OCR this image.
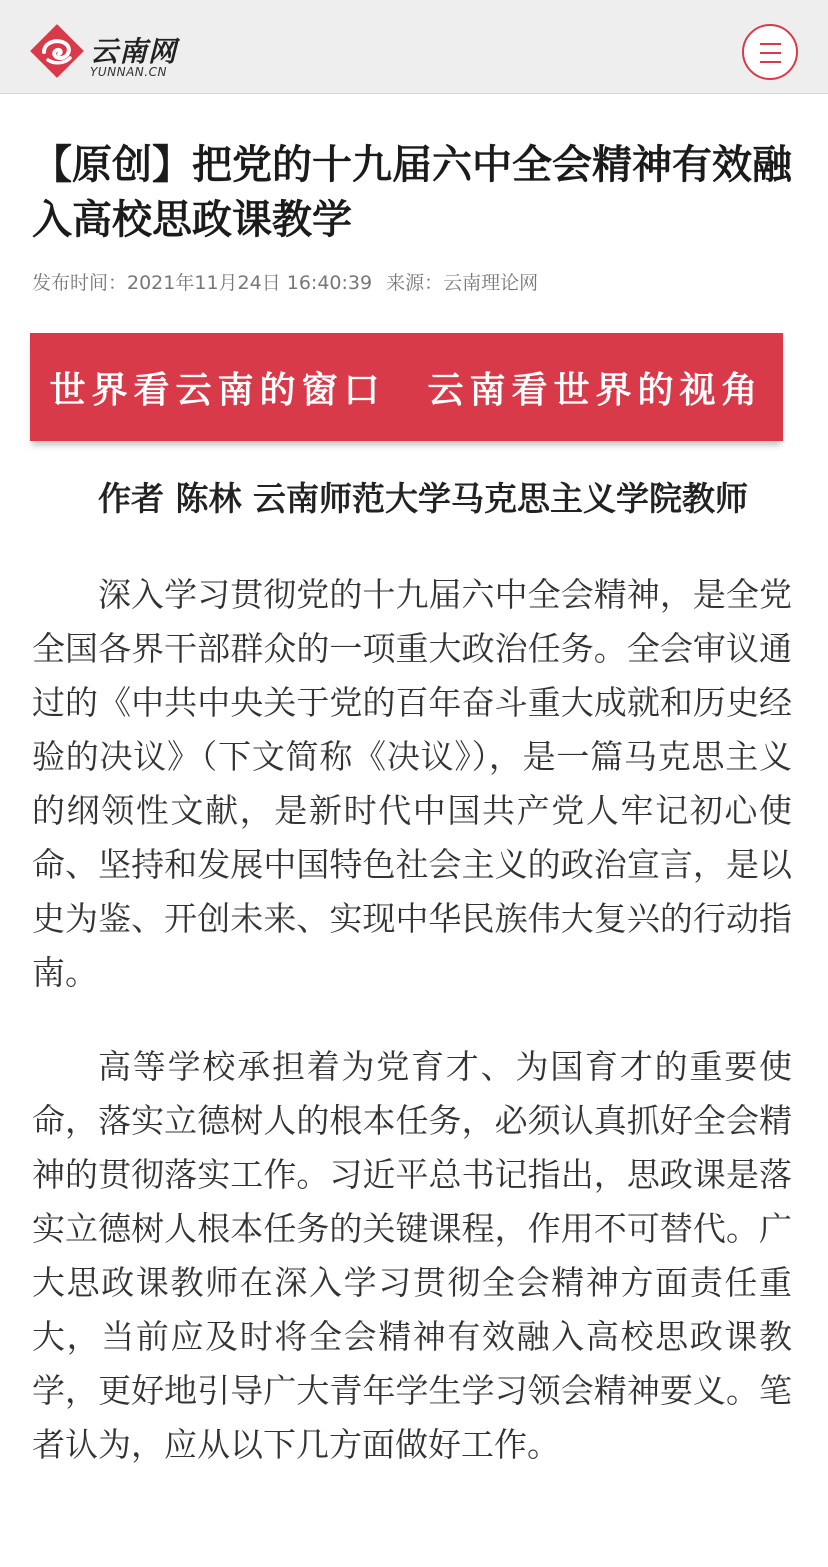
云南网
YUNNAN.CN
【原创】把党的十九届六中全会精神有效融入高校思政课教学
发布时间：2021年11月24日 16:40:39 来源：云南理论网
世界看云南的窗口　云南看世界的视角

作者 陈林 云南师范大学马克思主义学院教师

深入学习贯彻党的十九届六中全会精神，是全党全国各界干部群众的一项重大政治任务。全会审议通过的《中共中央关于党的百年奋斗重大成就和历史经验的决议》（下文简称《决议》），是一篇马克思主义的纲领性文献，是新时代中国共产党人牢记初心使命、坚持和发展中国特色社会主义的政治宣言，是以史为鉴、开创未来、实现中华民族伟大复兴的行动指南。

高等学校承担着为党育才、为国育才的重要使命，落实立德树人的根本任务，必须认真抓好全会精神的贯彻落实工作。习近平总书记指出，思政课是落实立德树人根本任务的关键课程，作用不可替代。广大思政课教师在深入学习贯彻全会精神方面责任重大，当前应及时将全会精神有效融入高校思政课教学，更好地引导广大青年学生学习领会精神要义。笔者认为，应从以下几方面做好工作。
